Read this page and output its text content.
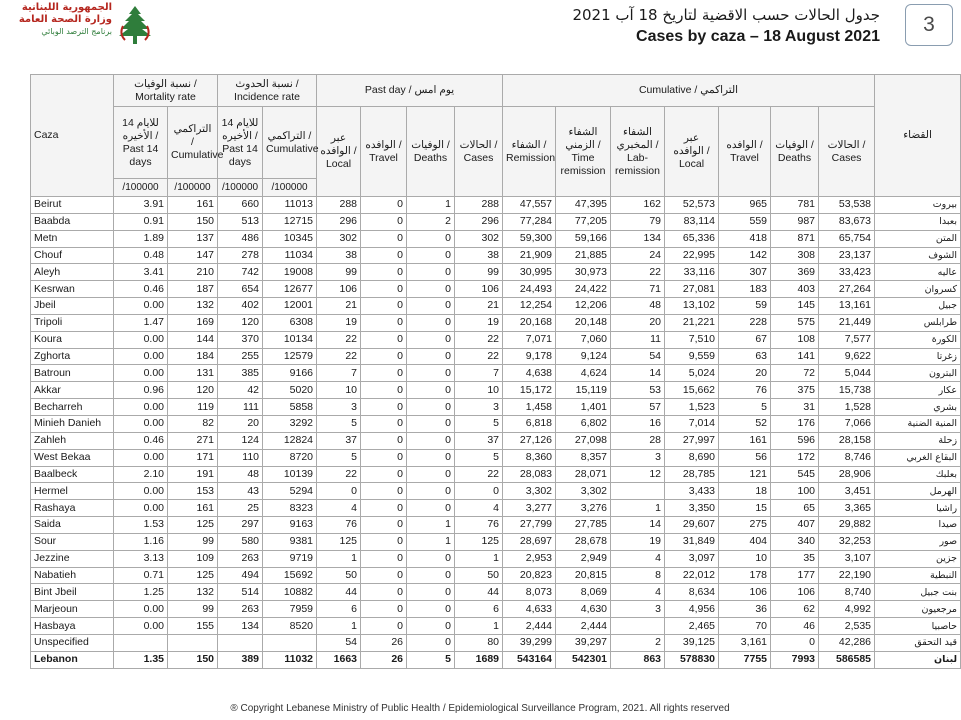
الجمهورية اللبنانية
وزارة الصحة العامة
برنامج الترصد الوبائي
جدول الحالات حسب الاقضية لتاريخ 18 آب 2021
Cases by caza – 18 August 2021
3
Caza	نسبة الوفيات / Mortality rate		نسبة الحدوث / Incidence rate		Past day / يوم امس				Cumulative / التراكمي							القضاء
	للايام 14 الأخيره / Past 14 days	التراكمي / Cumulative	للايام 14 الأخيره / Past 14 days	التراكمي / Cumulative	عبر الوافده / Local	الوافده / Travel	الوفيات / Deaths	الحالات / Cases	الشفاء / Remission	الشفاء الزمني / Time remission	الشفاء المخبري / Lab-remission	عبر الوافده / Local	الوافده / Travel	الوفيات / Deaths	الحالات / Cases	
	/100000	/100000	/100000	/100000												
Beirut	3.91	161	660	11013	288	0	1	288	47,557	47,395	162	52,573	965	781	53,538	بيروت
Baabda	0.91	150	513	12715	296	0	2	296	77,284	77,205	79	83,114	559	987	83,673	بعبدا
Metn	1.89	137	486	10345	302	0	0	302	59,300	59,166	134	65,336	418	871	65,754	المتن
Chouf	0.48	147	278	11034	38	0	0	38	21,909	21,885	24	22,995	142	308	23,137	الشوف
Aleyh	3.41	210	742	19008	99	0	0	99	30,995	30,973	22	33,116	307	369	33,423	عاليه
Kesrwan	0.46	187	654	12677	106	0	0	106	24,493	24,422	71	27,081	183	403	27,264	كسروان
Jbeil	0.00	132	402	12001	21	0	0	21	12,254	12,206	48	13,102	59	145	13,161	جبيل
Tripoli	1.47	169	120	6308	19	0	0	19	20,168	20,148	20	21,221	228	575	21,449	طرابلس
Koura	0.00	144	370	10134	22	0	0	22	7,071	7,060	11	7,510	67	108	7,577	الكورة
Zghorta	0.00	184	255	12579	22	0	0	22	9,178	9,124	54	9,559	63	141	9,622	زغرتا
Batroun	0.00	131	385	9166	7	0	0	7	4,638	4,624	14	5,024	20	72	5,044	البترون
Akkar	0.96	120	42	5020	10	0	0	10	15,172	15,119	53	15,662	76	375	15,738	عكار
Becharreh	0.00	119	111	5858	3	0	0	3	1,458	1,401	57	1,523	5	31	1,528	بشري
Minieh Danieh	0.00	82	20	3292	5	0	0	5	6,818	6,802	16	7,014	52	176	7,066	المنية الضنية
Zahleh	0.46	271	124	12824	37	0	0	37	27,126	27,098	28	27,997	161	596	28,158	زحلة
West Bekaa	0.00	171	110	8720	5	0	0	5	8,360	8,357	3	8,690	56	172	8,746	البقاع الغربي
Baalbeck	2.10	191	48	10139	22	0	0	22	28,083	28,071	12	28,785	121	545	28,906	بعلبك
Hermel	0.00	153	43	5294	0	0	0	0	3,302	3,302		3,433	18	100	3,451	الهرمل
Rashaya	0.00	161	25	8323	4	0	0	4	3,277	3,276	1	3,350	15	65	3,365	راشيا
Saida	1.53	125	297	9163	76	0	1	76	27,799	27,785	14	29,607	275	407	29,882	صيدا
Sour	1.16	99	580	9381	125	0	1	125	28,697	28,678	19	31,849	404	340	32,253	صور
Jezzine	3.13	109	263	9719	1	0	0	1	2,953	2,949	4	3,097	10	35	3,107	جزين
Nabatieh	0.71	125	494	15692	50	0	0	50	20,823	20,815	8	22,012	178	177	22,190	النبطية
Bint Jbeil	1.25	132	514	10882	44	0	0	44	8,073	8,069	4	8,634	106	106	8,740	بنت جبيل
Marjeoun	0.00	99	263	7959	6	0	0	6	4,633	4,630	3	4,956	36	62	4,992	مرجعيون
Hasbaya	0.00	155	134	8520	1	0	0	1	2,444	2,444		2,465	70	46	2,535	حاصبيا
Unspecified					54	26	0	80	39,299	39,297	2	39,125	3,161	0	42,286	قيد التحقق
Lebanon	1.35	150	389	11032	1663	26	5	1689	543164	542301	863	578830	7755	7993	586585	لبنان
® Copyright Lebanese Ministry of Public Health / Epidemiological Surveillance Program, 2021. All rights reserved
